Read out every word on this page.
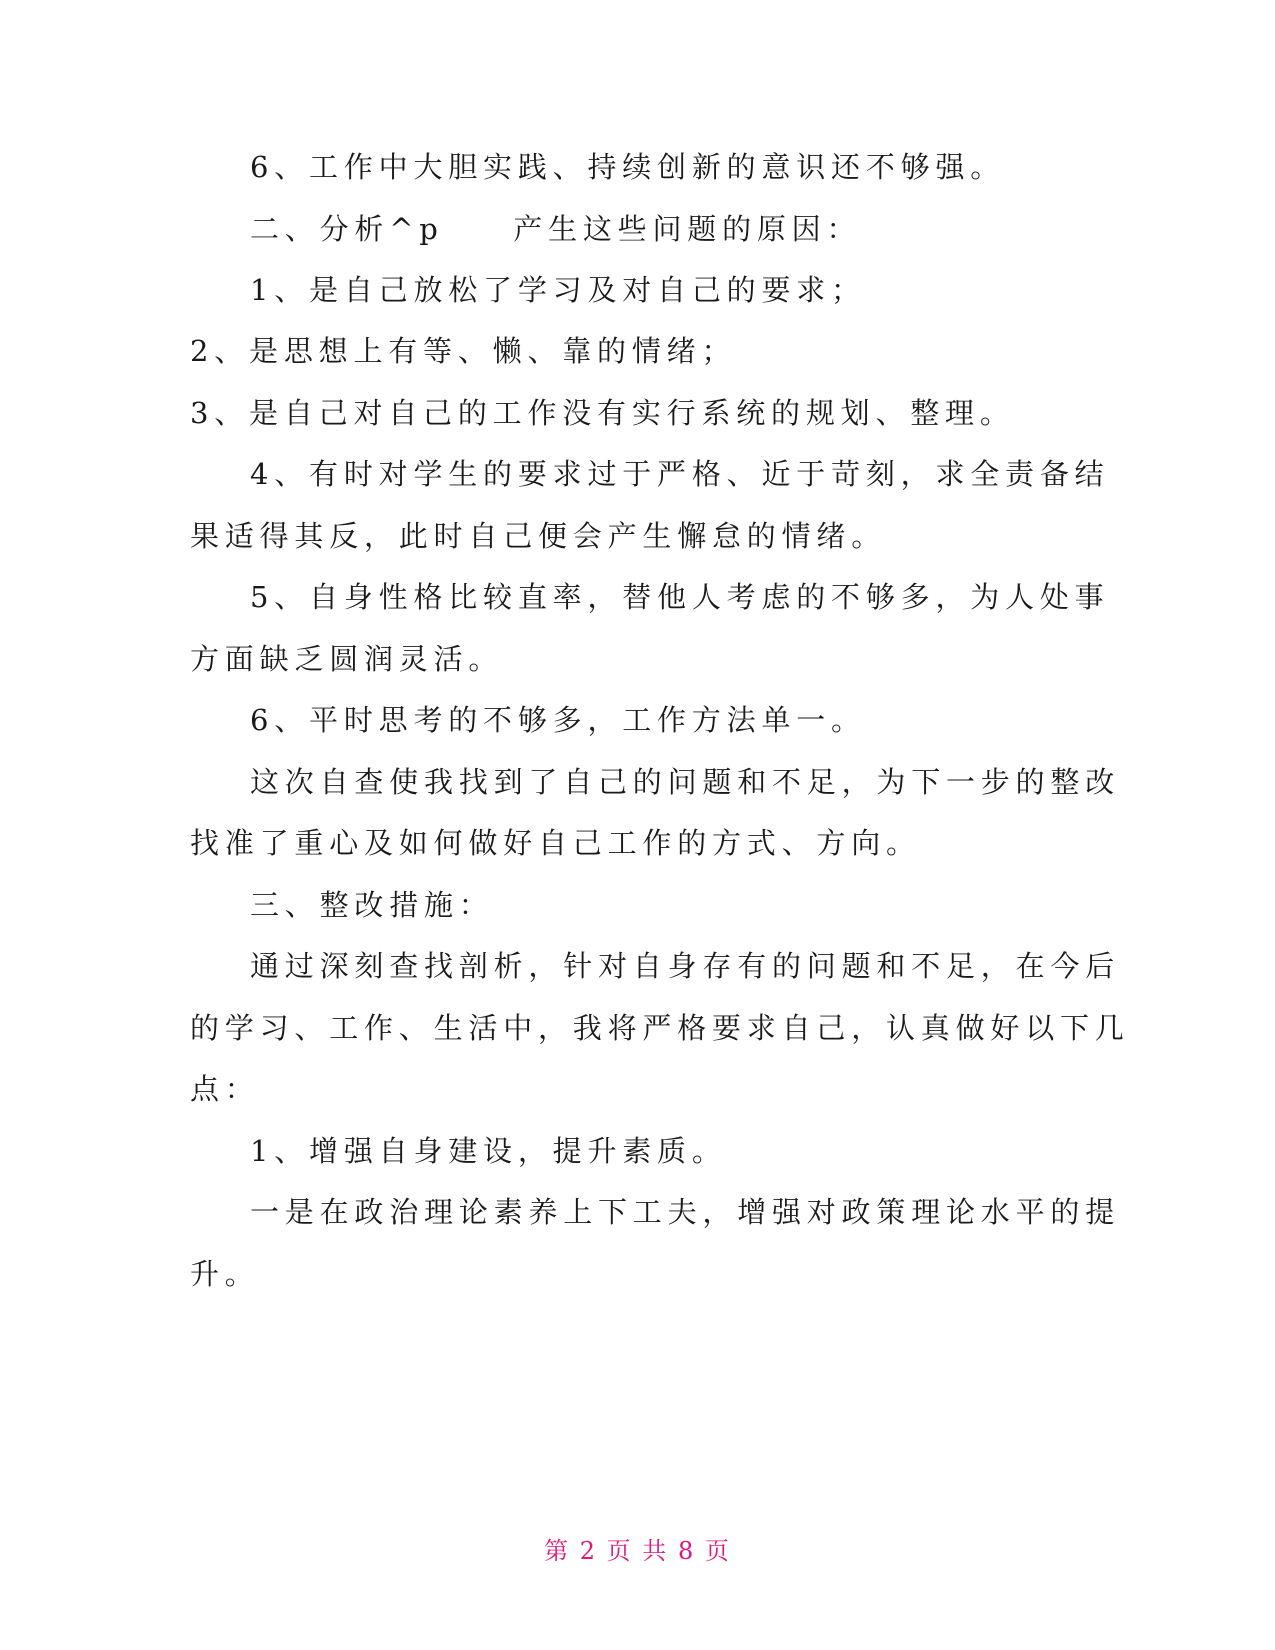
6、工作中大胆实践、持续创新的意识还不够强。
二、分析^p　　产生这些问题的原因：
1、是自己放松了学习及对自己的要求；
2、是思想上有等、懒、靠的情绪；
3、是自己对自己的工作没有实行系统的规划、整理。
4、有时对学生的要求过于严格、近于苛刻，求全责备结
果适得其反，此时自己便会产生懈怠的情绪。
5、自身性格比较直率，替他人考虑的不够多，为人处事
方面缺乏圆润灵活。
6、平时思考的不够多，工作方法单一。
这次自查使我找到了自己的问题和不足，为下一步的整改
找准了重心及如何做好自己工作的方式、方向。
三、整改措施：
通过深刻查找剖析，针对自身存有的问题和不足，在今后
的学习、工作、生活中，我将严格要求自己，认真做好以下几
点：
1、增强自身建设，提升素质。
一是在政治理论素养上下工夫，增强对政策理论水平的提
升。
第 2 页 共 8 页
